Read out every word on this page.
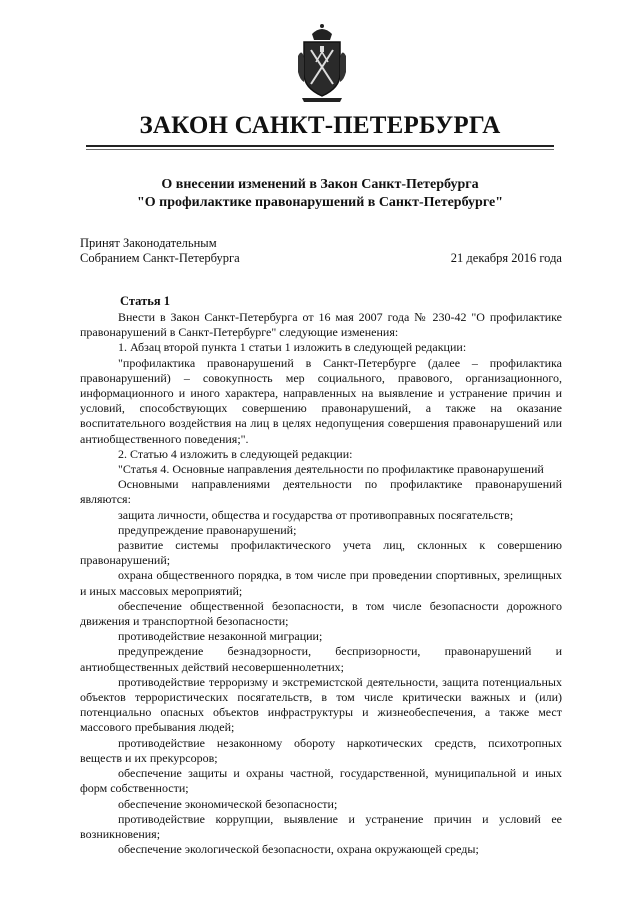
ЗАКОН САНКТ-ПЕТЕРБУРГА
О внесении изменений в Закон Санкт-Петербурга
"О профилактике правонарушений в Санкт-Петербурге"
Принят Законодательным
Собранием Санкт-Петербурга	21 декабря 2016 года
Статья 1

Внести в Закон Санкт-Петербурга от 16 мая 2007 года № 230-42 "О профилактике правонарушений в Санкт-Петербурге" следующие изменения:

1. Абзац второй пункта 1 статьи 1 изложить в следующей редакции:

"профилактика правонарушений в Санкт-Петербурге (далее – профилактика правонарушений) – совокупность мер социального, правового, организационного, информационного и иного характера, направленных на выявление и устранение причин и условий, способствующих совершению правонарушений, а также на оказание воспитательного воздействия на лиц в целях недопущения совершения правонарушений или антиобщественного поведения;".

2. Статью 4 изложить в следующей редакции:

"Статья 4. Основные направления деятельности по профилактике правонарушений

Основными направлениями деятельности по профилактике правонарушений являются:

защита личности, общества и государства от противоправных посягательств;

предупреждение правонарушений;

развитие системы профилактического учета лиц, склонных к совершению правонарушений;

охрана общественного порядка, в том числе при проведении спортивных, зрелищных и иных массовых мероприятий;

обеспечение общественной безопасности, в том числе безопасности дорожного движения и транспортной безопасности;

противодействие незаконной миграции;

предупреждение безнадзорности, беспризорности, правонарушений и антиобщественных действий несовершеннолетних;

противодействие терроризму и экстремистской деятельности, защита потенциальных объектов террористических посягательств, в том числе критически важных и (или) потенциально опасных объектов инфраструктуры и жизнеобеспечения, а также мест массового пребывания людей;

противодействие незаконному обороту наркотических средств, психотропных веществ и их прекурсоров;

обеспечение защиты и охраны частной, государственной, муниципальной и иных форм собственности;

обеспечение экономической безопасности;

противодействие коррупции, выявление и устранение причин и условий ее возникновения;

обеспечение экологической безопасности, охрана окружающей среды;
